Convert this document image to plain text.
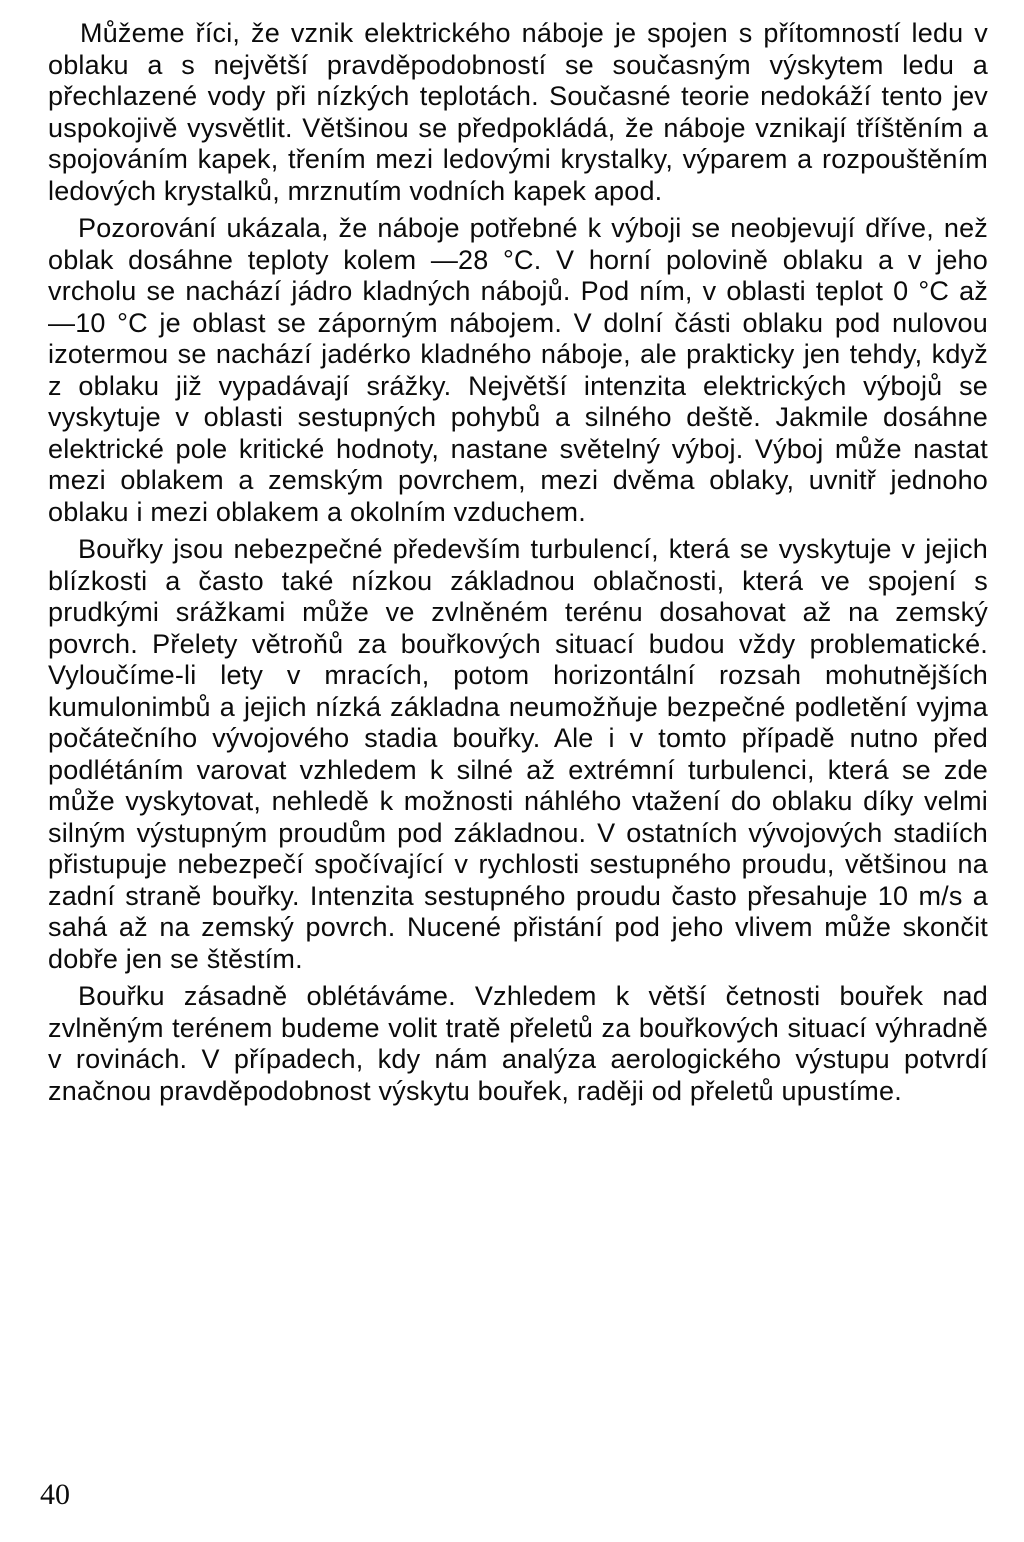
Můžeme říci, že vznik elektrického náboje je spojen s přítomností ledu v oblaku a s největší pravděpodobností se současným výskytem ledu a přechlazené vody při nízkých teplotách. Současné teorie nedokáží tento jev uspokojivě vysvětlit. Většinou se předpokládá, že náboje vznikají tříštěním a spojováním kapek, třením mezi ledovými krystalky, výparem a rozpouštěním ledových krystalků, mrznutím vodních kapek apod.

Pozorování ukázala, že náboje potřebné k výboji se neobjevují dříve, než oblak dosáhne teploty kolem —28 °C. V horní polovině oblaku a v jeho vrcholu se nachází jádro kladných nábojů. Pod ním, v oblasti teplot 0 °C až —10 °C je oblast se záporným nábojem. V dolní části oblaku pod nulovou izotermou se nachází jadérko kladného náboje, ale prakticky jen tehdy, když z oblaku již vypadávají srážky. Největší intenzita elektrických výbojů se vyskytuje v oblasti sestupných pohybů a silného deště. Jakmile dosáhne elektrické pole kritické hodnoty, nastane světelný výboj. Výboj může nastat mezi oblakem a zemským povrchem, mezi dvěma oblaky, uvnitř jednoho oblaku i mezi oblakem a okolním vzduchem.

Bouřky jsou nebezpečné především turbulencí, která se vyskytuje v jejich blízkosti a často také nízkou základnou oblačnosti, která ve spojení s prudkými srážkami může ve zvlněném terénu dosahovat až na zemský povrch. Přelety větroňů za bouřkových situací budou vždy problematické. Vyloučíme-li lety v mracích, potom horizontální rozsah mohutnějších kumulonimbů a jejich nízká základna neumožňuje bezpečné podletění vyjma počátečního vývojového stadia bouřky. Ale i v tomto případě nutno před podlétáním varovat vzhledem k silné až extrémní turbulenci, která se zde může vyskytovat, nehledě k možnosti náhlého vtažení do oblaku díky velmi silným výstupným proudům pod základnou. V ostatních vývojových stadiích přistupuje nebezpečí spočívající v rychlosti sestupného proudu, většinou na zadní straně bouřky. Intenzita sestupného proudu často přesahuje 10 m/s a sahá až na zemský povrch. Nucené přistání pod jeho vlivem může skončit dobře jen se štěstím.

Bouřku zásadně oblétáváme. Vzhledem k větší četnosti bouřek nad zvlněným terénem budeme volit tratě přeletů za bouřkových situací výhradně v rovinách. V případech, kdy nám analýza aerologického výstupu potvrdí značnou pravděpodobnost výskytu bouřek, raději od přeletů upustíme.

40
